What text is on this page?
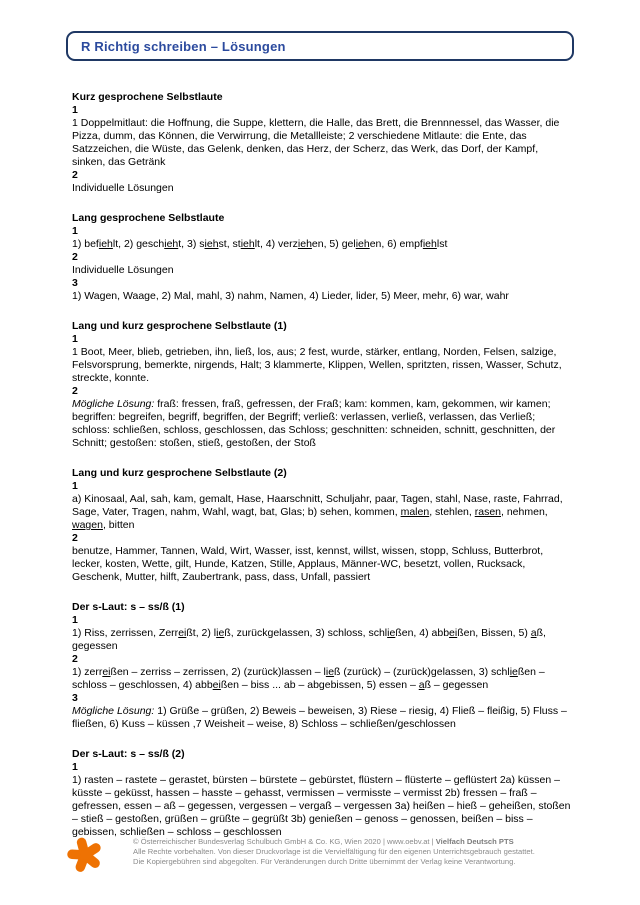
R Richtig schreiben – Lösungen
Kurz gesprochene Selbstlaute
1
1 Doppelmitlaut: die Hoffnung, die Suppe, klettern, die Halle, das Brett, die Brennnessel, das Wasser, die Pizza, dumm, das Können, die Verwirrung, die Metallleiste; 2 verschiedene Mitlaute: die Ente, das Satzzeichen, die Wüste, das Gelenk, denken, das Herz, der Scherz, das Werk, das Dorf, der Kampf, sinken, das Getränk
2
Individuelle Lösungen
Lang gesprochene Selbstlaute
1
1) befiehlt, 2) geschieht, 3) siehst, stiehlt, 4) verziehen, 5) geliehen, 6) empfiehlst
2
Individuelle Lösungen
3
1) Wagen, Waage, 2) Mal, mahl, 3) nahm, Namen, 4) Lieder, lider, 5) Meer, mehr, 6) war, wahr
Lang und kurz gesprochene Selbstlaute (1)
1
1 Boot, Meer, blieb, getrieben, ihn, ließ, los, aus; 2 fest, wurde, stärker, entlang, Norden, Felsen, salzige, Felsvorsprung, bemerkte, nirgends, Halt; 3 klammerte, Klippen, Wellen, spritzten, rissen, Wasser, Schutz, streckte, konnte.
2
Mögliche Lösung: fraß: fressen, fraß, gefressen, der Fraß; kam: kommen, kam, gekommen, wir kamen; begriffen: begreifen, begriff, begriffen, der Begriff; verließ: verlassen, verließ, verlassen, das Verließ; schloss: schließen, schloss, geschlossen, das Schloss; geschnitten: schneiden, schnitt, geschnitten, der Schnitt; gestoßen: stoßen, stieß, gestoßen, der Stoß
Lang und kurz gesprochene Selbstlaute (2)
1
a) Kinosaal, Aal, sah, kam, gemalt, Hase, Haarschnitt, Schuljahr, paar, Tagen, stahl, Nase, raste, Fahrrad, Sage, Vater, Tragen, nahm, Wahl, wagt, bat, Glas; b) sehen, kommen, malen, stehlen, rasen, nehmen, wagen, bitten
2
benutze, Hammer, Tannen, Wald, Wirt, Wasser, isst, kennst, willst, wissen, stopp, Schluss, Butterbrot, lecker, kosten, Wette, gilt, Hunde, Katzen, Stille, Applaus, Männer-WC, besetzt, vollen, Rucksack, Geschenk, Mutter, hilft, Zaubertrank, pass, dass, Unfall, passiert
Der s-Laut: s – ss/ß (1)
1
1) Riss, zerrissen, Zerreißt, 2) ließ, zurückgelassen, 3) schloss, schließen, 4) abbeißen, Bissen, 5) aß, gegessen
2
1) zerreißen – zerriss – zerrissen, 2) (zurück)lassen – ließ (zurück) – (zurück)gelassen, 3) schließen – schloss – geschlossen, 4) abbeißen – biss ... ab – abgebissen, 5) essen – aß – gegessen
3
Mögliche Lösung: 1) Grüße – grüßen, 2) Beweis – beweisen, 3) Riese – riesig, 4) Fließ – fleißig, 5) Fluss – fließen, 6) Kuss – küssen ,7 Weisheit – weise, 8) Schloss – schließen/geschlossen
Der s-Laut: s – ss/ß (2)
1
1) rasten – rastete – gerastet, bürsten – bürstete – gebürstet, flüstern – flüsterte – geflüstert 2a) küssen – küsste – geküsst, hassen – hasste – gehasst, vermissen – vermisste – vermisst 2b) fressen – fraß – gefressen, essen – aß – gegessen, vergessen – vergaß – vergessen 3a) heißen – hieß – geheißen, stoßen – stieß – gestoßen, grüßen – grüßte – gegrüßt 3b) genießen – genoss – genossen, beißen – biss – gebissen, schließen – schloss – geschlossen
© Österreichischer Bundesverlag Schulbuch GmbH & Co. KG, Wien 2020 | www.oebv.at | Vielfach Deutsch PTS
Alle Rechte vorbehalten. Von dieser Druckvorlage ist die Vervielfältigung für den eigenen Unterrichtsgebrauch gestattet.
Die Kopiergebühren sind abgegolten. Für Veränderungen durch Dritte übernimmt der Verlag keine Verantwortung.
